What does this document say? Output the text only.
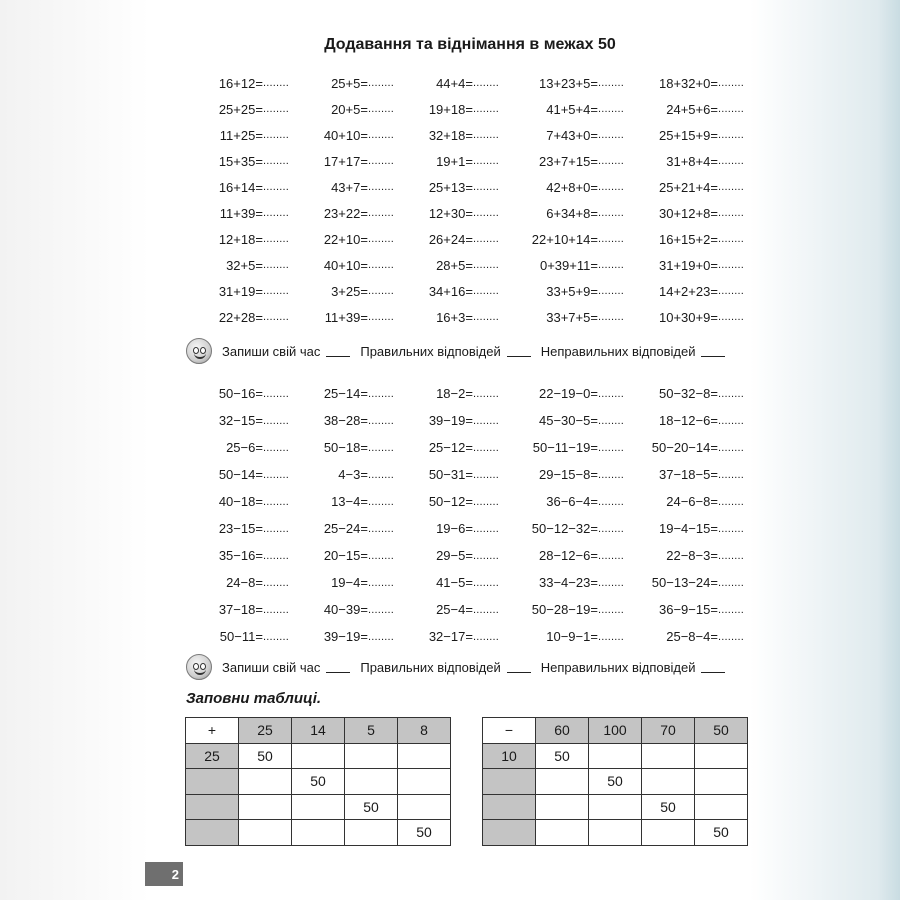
Додавання та віднімання в межах 50
16+12= ........	25+5= ........	44+4= ........	13+23+5= ........	18+32+0= ........
25+25= ........	20+5= ........	19+18= ........	41+5+4= ........	24+5+6= ........
11+25= ........	40+10= ........	32+18= ........	7+43+0= ........	25+15+9= ........
15+35= ........	17+17= ........	19+1= ........	23+7+15= ........	31+8+4= ........
16+14= ........	43+7= ........	25+13= ........	42+8+0= ........	25+21+4= ........
11+39= ........	23+22= ........	12+30= ........	6+34+8= ........	30+12+8= ........
12+18= ........	22+10= ........	26+24= ........	22+10+14= ........	16+15+2= ........
32+5= ........	40+10= ........	28+5= ........	0+39+11= ........	31+19+0= ........
31+19= ........	3+25= ........	34+16= ........	33+5+9= ........	14+2+23= ........
22+28= ........	11+39= ........	16+3= ........	33+7+5= ........	10+30+9= ........
Запиши свій час	Правильних відповідей	Неправильних відповідей
50−16= ........	25−14= ........	18−2= ........	22−19−0= ........	50−32−8= ........
32−15= ........	38−28= ........	39−19= ........	45−30−5= ........	18−12−6= ........
25−6= ........	50−18= ........	25−12= ........	50−11−19= ........ 50−20−14= ........
50−14= ........	4−3= ........	50−31= ........	29−15−8= ........	37−18−5= ........
40−18= ........	13−4= ........	50−12= ........	36−6−4= ........	24−6−8= ........
23−15= ........	25−24= ........	19−6= ........	50−12−32= ........	19−4−15= ........
35−16= ........	20−15= ........	29−5= ........	28−12−6= ........	22−8−3= ........
24−8= ........	19−4= ........	41−5= ........	33−4−23= ........ 50−13−24= ........
37−18= ........	40−39= ........	25−4= ........	50−28−19= ........	36−9−15= ........
50−11= ........	39−19= ........	32−17= ........	10−9−1= ........	25−8−4= ........
Запиши свій час	Правильних відповідей	Неправильних відповідей
Заповни таблиці.
+	25	14	5	8
25	50			
		50		
			50	
				50
−	60	100	70	50
10	50			
		50		
			50	
				50
2
